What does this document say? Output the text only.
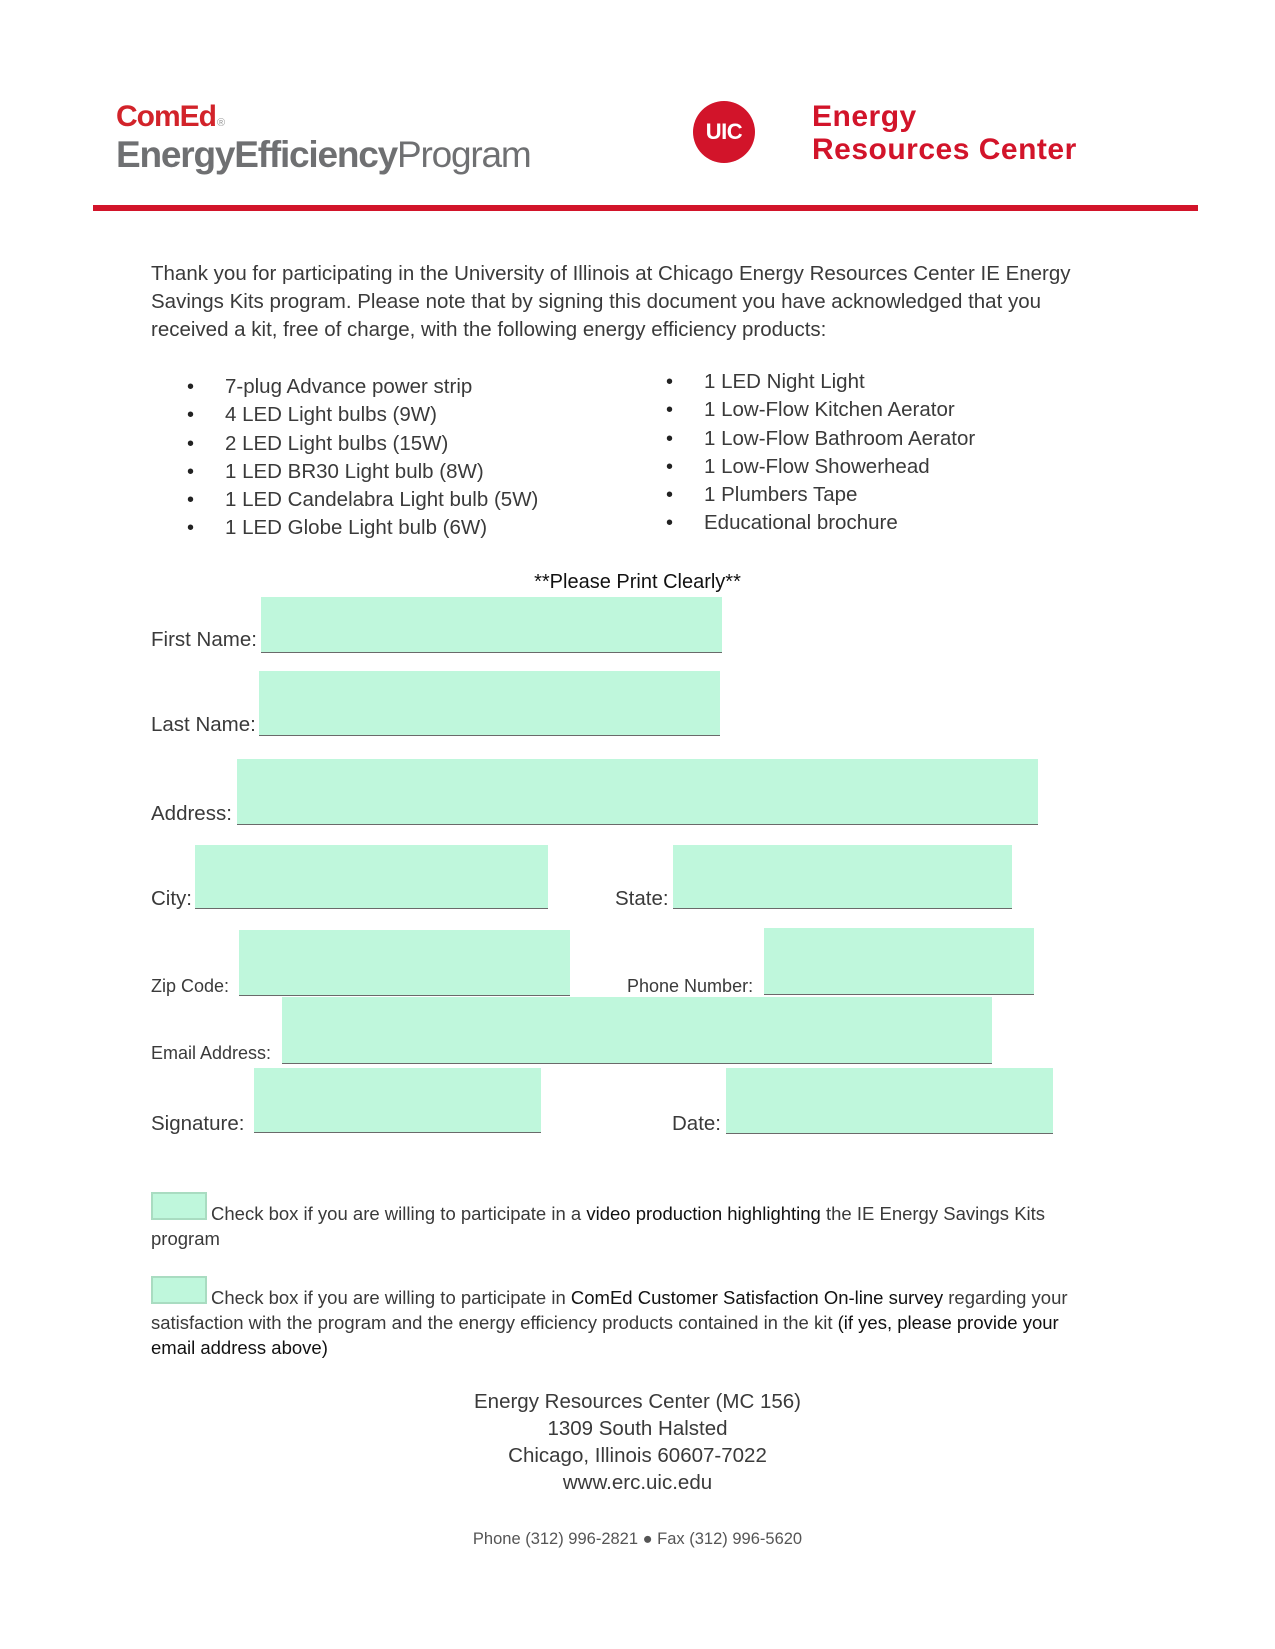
ComEd®
EnergyEfficiencyProgram
UIC	Energy
Resources Center
Thank you for participating in the University of Illinois at Chicago Energy Resources Center IE Energy Savings Kits program. Please note that by signing this document you have acknowledged that you received a kit, free of charge, with the following energy efficiency products:
• 7-plug Advance power strip
• 4 LED Light bulbs (9W)
• 2 LED Light bulbs (15W)
• 1 LED BR30 Light bulb (8W)
• 1 LED Candelabra Light bulb (5W)
• 1 LED Globe Light bulb (6W)
• 1 LED Night Light
• 1 Low-Flow Kitchen Aerator
• 1 Low-Flow Bathroom Aerator
• 1 Low-Flow Showerhead
• 1 Plumbers Tape
• Educational brochure
**Please Print Clearly**
First Name:
Last Name:
Address:
City:	State:
Zip Code:	Phone Number:
Email Address:
Signature:	Date:
Check box if you are willing to participate in a video production highlighting the IE Energy Savings Kits program
Check box if you are willing to participate in ComEd Customer Satisfaction On-line survey regarding your satisfaction with the program and the energy efficiency products contained in the kit (if yes, please provide your email address above)
Energy Resources Center (MC 156)
1309 South Halsted
Chicago, Illinois 60607-7022
www.erc.uic.edu
Phone (312) 996-2821 ● Fax (312) 996-5620
